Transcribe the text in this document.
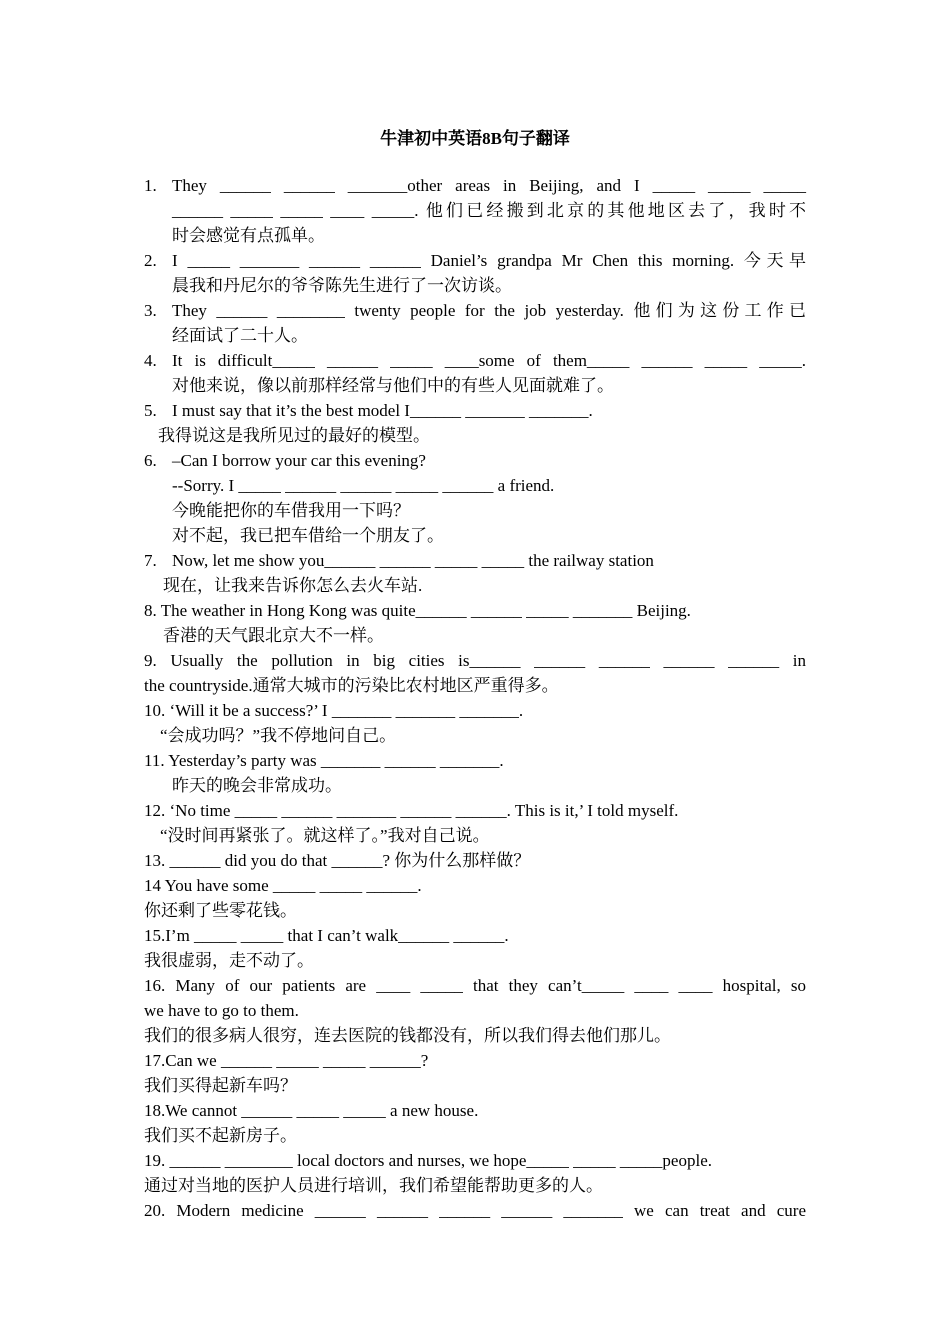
牛津初中英语8B句子翻译
1. They ______ ______ _______other areas in Beijing, and I _____ _____ _____
______ _____ _____ ____ _____. 他们已经搬到北京的其他地区去了，我时不
时会感觉有点孤单。
2. I _____ _______ ______ ______ Daniel’s grandpa Mr Chen this morning. 今天早
晨我和丹尼尔的爷爷陈先生进行了一次访谈。
3. They ______ ________ twenty people for the job yesterday. 他们为这份工作已
经面试了二十人。
4. It is difficult_____ ______ _____ ____some of them_____ ______ _____ _____.
对他来说，像以前那样经常与他们中的有些人见面就难了。
5. I must say that it’s the best model I______ _______ _______.
我得说这是我所见过的最好的模型。
6. –Can I borrow your car this evening?
--Sorry. I _____ ______ ______ _____ ______ a friend.
今晚能把你的车借我用一下吗？
对不起，我已把车借给一个朋友了。
7. Now, let me show you______ ______ _____ _____ the railway station
现在，让我来告诉你怎么去火车站.
8. The weather in Hong Kong was quite______ ______ _____ _______ Beijing.
香港的天气跟北京大不一样。
9. Usually the pollution in big cities is______ ______ ______ ______ ______ in
the countryside.通常大城市的污染比农村地区严重得多。
10. ‘Will it be a success?’ I _______ _______ _______.
“会成功吗？”我不停地问自己。
11. Yesterday’s party was _______ ______ _______.
昨天的晚会非常成功。
12. ‘No time _____ ______ _______ ______ ______. This is it,’ I told myself.
“没时间再紧张了。就这样了。”我对自己说。
13. ______ did you do that ______? 你为什么那样做？
14 You have some _____ _____ ______.
你还剩了些零花钱。
15.I’m _____ _____ that I can’t walk______ ______.
我很虚弱，走不动了。
16. Many of our patients are ____ _____ that they can’t_____ ____ ____ hospital, so
we have to go to them.
我们的很多病人很穷，连去医院的钱都没有，所以我们得去他们那儿。
17.Can we ______ _____ _____ ______?
我们买得起新车吗？
18.We cannot ______ _____ _____ a new house.
我们买不起新房子。
19. ______ ________ local doctors and nurses, we hope_____ _____ _____people.
通过对当地的医护人员进行培训，我们希望能帮助更多的人。
20. Modern medicine ______ ______ ______ ______ _______ we can treat and cure
